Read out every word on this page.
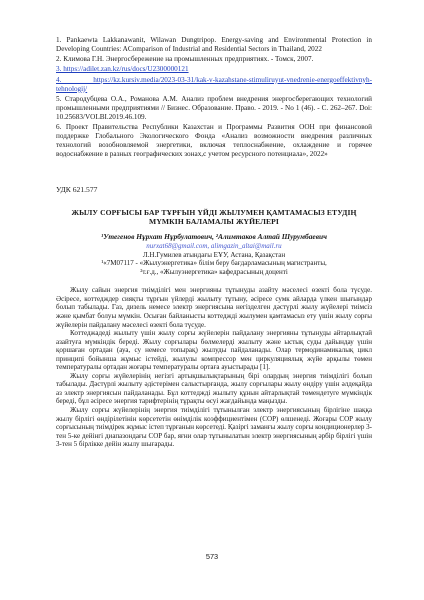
1. Pankaewta Lakkanawanit, Wilawan Dungtripop. Energy-saving and Environmental Protection in Developing Countries: AComparison of Industrial and Residential Sectors in Thailand, 2022
2. Климова Г.Н. Энергосбережение на промышленных предприятиях. - Томск, 2007.
3. https://adilet.zan.kz/rus/docs/U2300000121
4. https://kz.kursiv.media/2023-03-31/kak-v-kazahstane-stimuliruyut-vnedrenie-energoeffektivnyh-tehnologij/
5. Стародубцева О.А., Романова А.М. Анализ проблем внедрения энергосберегающих технологий промышленными предприятиями // Бизнес. Образование. Право. - 2019. - No 1 (46). - С. 262–267. Doi: 10.25683/VOLBI.2019.46.109.
6. Проект Правительства Республики Казахстан и Программы Развития ООН при финансовой поддержке Глобального Экологического Фонда «Анализ возможности внедрения различных технологий возобновляемой энергетики, включая теплоснабжение, охлаждение и горячее водоснабжение в разных географических зонах,с учетом ресурсного потенциала», 2022»
УДК 621.577
ЖЫЛУ СОРҒЫСЫ БАР ТҰРҒЫН ҮЙДІ ЖЫЛУМЕН ҚАМТАМАСЫЗ ЕТУДІҢ
МҮМКІН БАЛАМАЛЫ ЖҮЙЕЛЕРІ
¹Утегенов Нұрхат Нұрбулатович, ²Алимтаков Алтай Шурумбаевич
nurxat68@gmail.com, alimgazin_altai@mail.ru
Л.Н.Гумилев атындағы ЕҰУ, Астана, Қазақстан
¹«7М07117 - «Жылуэнергетика» білім беру бағдарламасының магистранты,
²т.ғ.д., «Жылуэнергетика» кафедрасының доценті

Жылу сайын энергия тиімділігі мен энергияны тұтынуды азайту мәселесі өзекті бола түсуде. Әсіресе, коттедждер сияқты тұрғын үйлерді жылыту тұтыну, әсіресе сумк айларда үлкен шығындар болып табылады. Газ, дизель немесе электр энергиясына негізделген дәстүрлі жылу жүйелері тиімсіз және қымбат болуы мүмкін. Осыған байланысты коттеджді жылумен қамтамасыз ету үшін жылу сорғы жүйелерін пайдалану мәселесі өзекті бола түсуде.

Коттеджадеді жылыту үшін жылу сорғы жүйелерін пайдалану энергияны тұтынуды айтарлықтай азайтуға мүмкіндік береді. Жылу сорғылары бөлмелерді жылыту және ыстық суды дайындау үшін қоршаған ортадан (ауа, су немесе топырақ) жылуды пайдаланады. Олар термодинамикалық цикл принципі бойынша жұмыс істейді, жылулы компрессор мен циркуляциялық жүйе арқылы төмен температуралы ортадан жоғары температуралы ортаға ауыстырады [1].

Жылу сорғы жүйелерінің негізгі артықшылықтарының бірі олардың энергия тиімділігі болып табылады. Дәстүрлі жылыту әдістерімен салыстырғанда, жылу сорғылары жылу өндіру үшін әлдеқайда аз электр энергиясын пайдаланады. Бұл коттеджді жылыту құнын айтарлықтай төмендетуге мүмкіндік береді, бұл әсіресе энергия тарифтерінің тұрақты өсуі жағдайында маңызды.

Жылу сорғы жүйелерінің энергия тиімділігі тұтынылған электр энергиясының бірлігіне шаққа жылу бірлігі өндірілетінін көрсететін өнімділік коэффициентімен (COP) өлшенеді. Жоғары COP жылу сорғысының тиімдірек жұмыс істеп тұрғанын көрсетеді. Қазіргі заманғы жылу сорғы кондиционерлер 3-тен 5-ке дейінгі диапазондағы COP бар, яғни олар тұтынылатын электр энергиясының әрбір бірлігі үшін 3-тен 5 бірлікке дейін жылу шығарады.

573
